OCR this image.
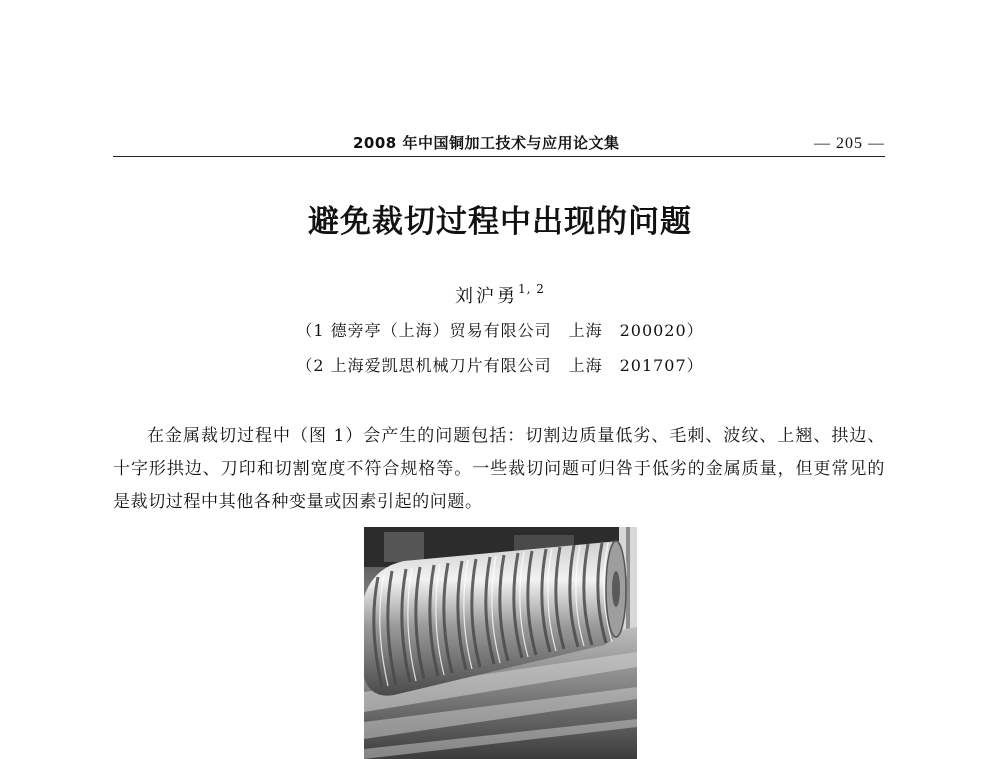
2008 年中国铜加工技术与应用论文集	— 205 —
避免裁切过程中出现的问题
刘沪勇$^{1, 2}$
（1 德旁亭（上海）贸易有限公司　上海　200020）
（2 上海爱凯思机械刀片有限公司　上海　201707）

在金属裁切过程中（图 1）会产生的问题包括：切割边质量低劣、毛刺、波纹、上翘、拱边、十字形拱边、刀印和切割宽度不符合规格等。一些裁切问题可归咎于低劣的金属质量，但更常见的是裁切过程中其他各种变量或因素引起的问题。
